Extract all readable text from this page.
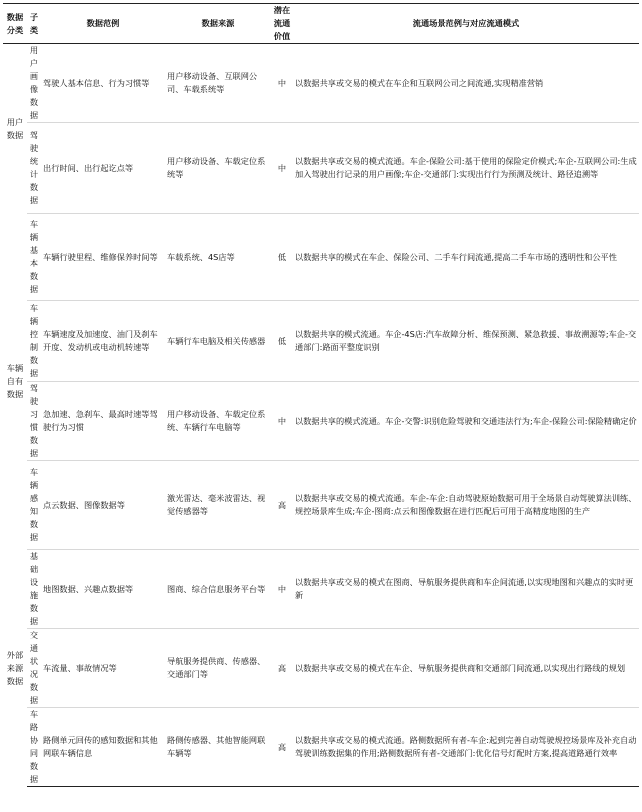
数据分类	子类	数据范例	数据来源	潜在流通价值	流通场景范例与对应流通模式
用户数据	用户画像数据	驾驶人基本信息、行为习惯等	用户移动设备、互联网公司、车载系统等	中	以数据共享或交易的模式在车企和互联网公司之间流通,实现精准营销
	驾驶统计数据	出行时间、出行起讫点等	用户移动设备、车载定位系统等	中	以数据共享或交易的模式流通。车企-保险公司:基于使用的保险定价模式;车企-互联网公司:生成加入驾驶出行记录的用户画像;车企-交通部门:实现出行行为预测及统计、路径追溯等
车辆自有数据	车辆基本数据	车辆行驶里程、维修保养时间等	车载系统、4S店等	低	以数据共享的模式在车企、保险公司、二手车行间流通,提高二手车市场的透明性和公平性
	车辆控制数据	车辆速度及加速度、油门及刹车开度、发动机或电动机转速等	车辆行车电脑及相关传感器	低	以数据共享的模式流通。车企-4S店:汽车故障分析、维保预测、紧急救援、事故溯源等;车企-交通部门:路面平整度识别
	驾驶习惯数据	急加速、急刹车、最高时速等驾驶行为习惯	用户移动设备、车载定位系统、车辆行车电脑等	中	以数据共享的模式流通。车企-交警:识别危险驾驶和交通违法行为;车企-保险公司:保险精确定价
	车辆感知数据	点云数据、图像数据等	激光雷达、毫米波雷达、视觉传感器等	高	以数据共享或交易的模式流通。车企-车企:自动驾驶原始数据可用于全场景自动驾驶算法训练、规控场景库生成;车企-图商:点云和图像数据在进行匹配后可用于高精度地图的生产
外部来源数据	基础设施数据	地图数据、兴趣点数据等	图商、综合信息服务平台等	中	以数据共享或交易的模式在图商、导航服务提供商和车企间流通,以实现地图和兴趣点的实时更新
	交通状况数据	车流量、事故情况等	导航服务提供商、传感器、交通部门等	高	以数据共享或交易的模式在车企、导航服务提供商和交通部门间流通,以实现出行路线的规划
	车路协同数据	路侧单元回传的感知数据和其他网联车辆信息	路侧传感器、其他智能网联车辆等	高	以数据共享或交易的模式流通。路侧数据所有者-车企:起到完善自动驾驶规控场景库及补充自动驾驶训练数据集的作用;路侧数据所有者-交通部门:优化信号灯配时方案,提高道路通行效率
